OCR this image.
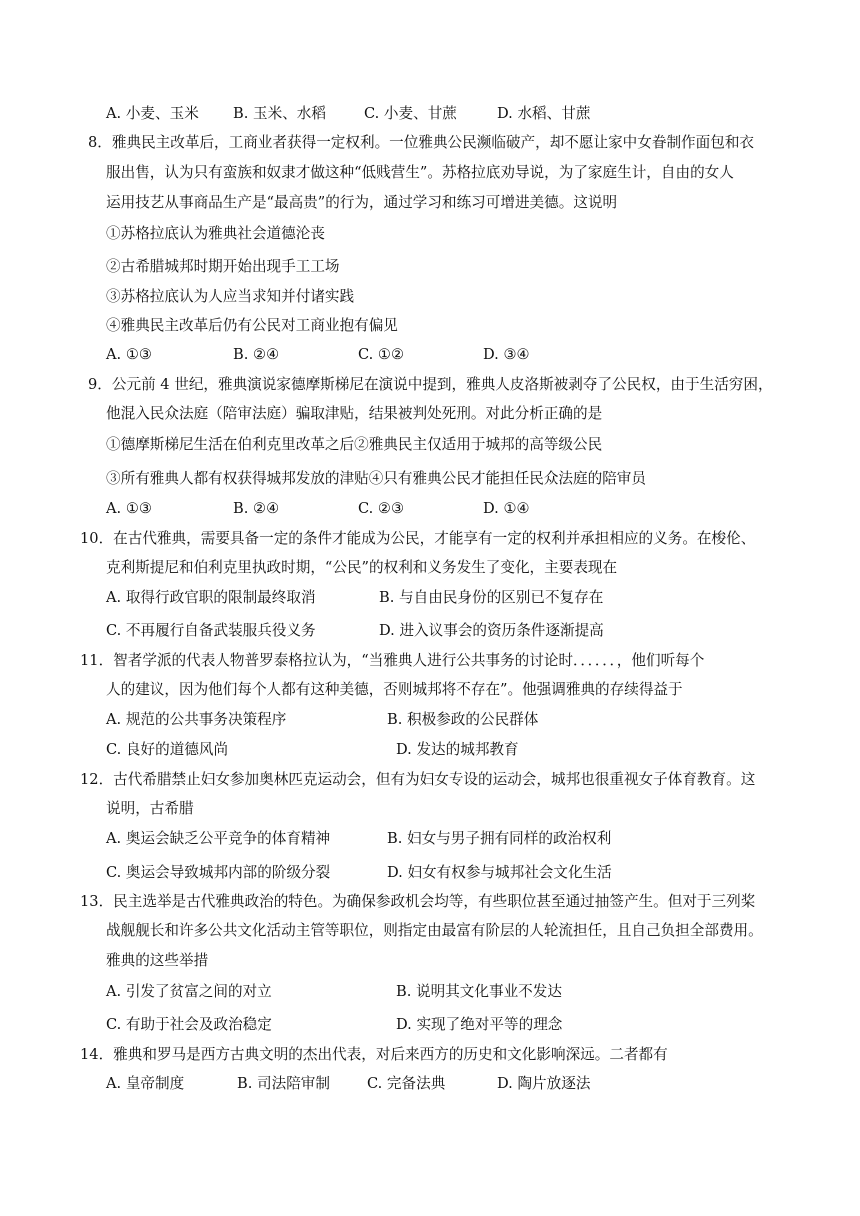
A. 小麦、玉米 B. 玉米、水稻	C. 小麦、甘蔗	D. 水稻、甘蔗
8．雅典民主改革后，工商业者获得一定权利。一位雅典公民濒临破产，却不愿让家中女眷制作面包和衣
服出售，认为只有蛮族和奴隶才做这种“低贱营生”。苏格拉底劝导说，为了家庭生计，自由的女人
运用技艺从事商品生产是“最高贵”的行为，通过学习和练习可增进美德。这说明
①苏格拉底认为雅典社会道德沦丧
②古希腊城邦时期开始出现手工工场
③苏格拉底认为人应当求知并付诸实践
④雅典民主改革后仍有公民对工商业抱有偏见
A. ①③	B. ②④	C. ①②	D. ③④
9．公元前 4 世纪，雅典演说家德摩斯梯尼在演说中提到，雅典人皮洛斯被剥夺了公民权，由于生活穷困，
他混入民众法庭（陪审法庭）骗取津贴，结果被判处死刑。对此分析正确的是
①德摩斯梯尼生活在伯利克里改革之后②雅典民主仅适用于城邦的高等级公民
③所有雅典人都有权获得城邦发放的津贴④只有雅典公民才能担任民众法庭的陪审员
A. ①③	B. ②④	C. ②③	D. ①④
10．在古代雅典，需要具备一定的条件才能成为公民，才能享有一定的权利并承担相应的义务。在梭伦、
克利斯提尼和伯利克里执政时期，“公民”的权利和义务发生了变化，主要表现在
A. 取得行政官职的限制最终取消	B. 与自由民身份的区别已不复存在
C. 不再履行自备武装服兵役义务	D. 进入议事会的资历条件逐渐提高
11．智者学派的代表人物普罗泰格拉认为，“当雅典人进行公共事务的讨论时．．．．．．，他们听每个
人的建议，因为他们每个人都有这种美德，否则城邦将不存在”。他强调雅典的存续得益于
A. 规范的公共事务决策程序	B. 积极参政的公民群体
C. 良好的道德风尚	D. 发达的城邦教育
12．古代希腊禁止妇女参加奥林匹克运动会，但有为妇女专设的运动会，城邦也很重视女子体育教育。这
说明，古希腊
A. 奥运会缺乏公平竞争的体育精神	B. 妇女与男子拥有同样的政治权利
C. 奥运会导致城邦内部的阶级分裂	D. 妇女有权参与城邦社会文化生活
13．民主选举是古代雅典政治的特色。为确保参政机会均等，有些职位甚至通过抽签产生。但对于三列桨
战舰舰长和许多公共文化活动主管等职位，则指定由最富有阶层的人轮流担任，且自己负担全部费用。
雅典的这些举措
A. 引发了贫富之间的对立	B. 说明其文化事业不发达
C. 有助于社会及政治稳定	D. 实现了绝对平等的理念
14．雅典和罗马是西方古典文明的杰出代表，对后来西方的历史和文化影响深远。二者都有
A. 皇帝制度	B. 司法陪审制	C. 完备法典	D. 陶片放逐法
